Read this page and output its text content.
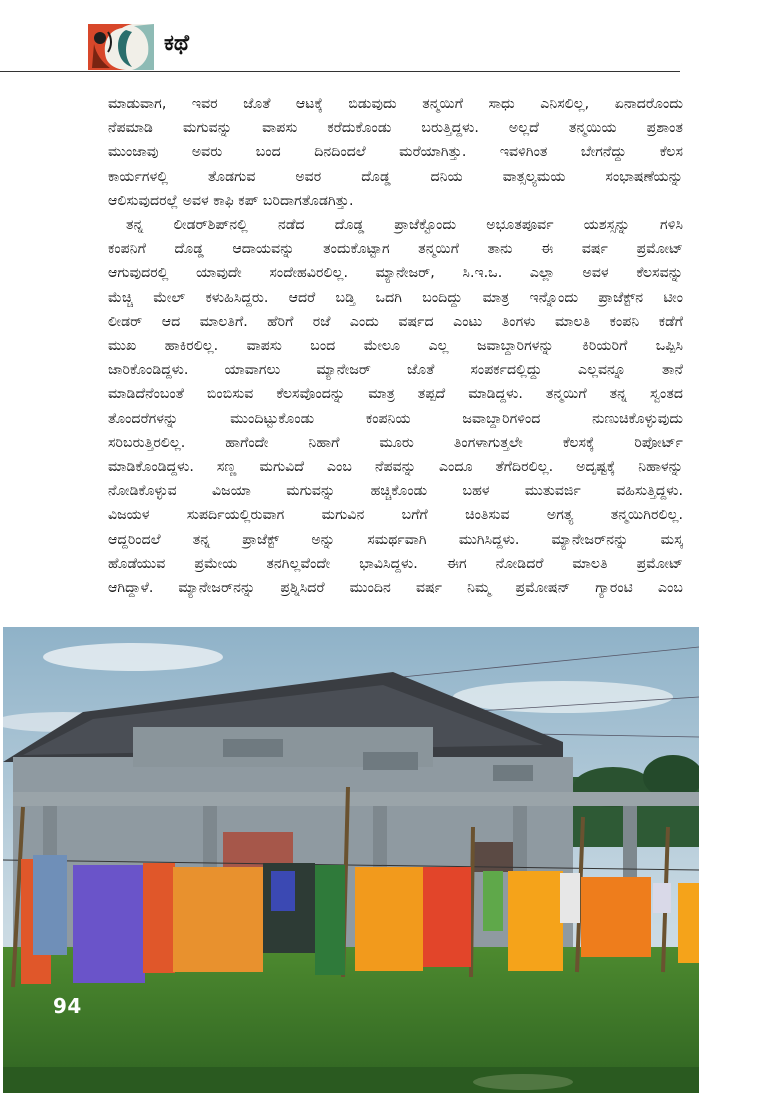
ಕಥೆ

ಮಾಡುವಾಗ, ಇವರ ಜೊತೆ ಆಟಕ್ಕೆ ಬಿಡುವುದು ತನ್ಮಯಿಗೆ ಸಾಧು ಎನಿಸಲಿಲ್ಲ, ಏನಾದರೊಂದು
ನೆಪಮಾಡಿ ಮಗುವನ್ನು ವಾಪಸು ಕರೆದುಕೊಂಡು ಬರುತ್ತಿದ್ದಳು. ಅಲ್ಲದೆ ತನ್ಮಯಿಯ ಪ್ರಶಾಂತ
ಮುಂಜಾವು ಅವರು ಬಂದ ದಿನದಿಂದಲೆ ಮರೆಯಾಗಿತ್ತು. ಇವಳಿಗಿಂತ ಬೇಗನೆದ್ದು ಕೆಲಸ
ಕಾರ್ಯಗಳಲ್ಲಿ ತೊಡಗುವ ಅವರ ದೊಡ್ಡ ದನಿಯ ವಾತ್ಸಲ್ಯಮಯ ಸಂಭಾಷಣೆಯನ್ನು
ಆಲಿಸುವುದರಲ್ಲೆ ಅವಳ ಕಾಫಿ ಕಪ್ ಬರಿದಾಗತೊಡಗಿತ್ತು.

ತನ್ನ ಲೀಡರ್‌ಶಿಪ್‌ನಲ್ಲಿ ನಡೆದ ದೊಡ್ಡ ಪ್ರಾಜೆಕ್ಟೊಂದು ಅಭೂತಪೂರ್ವ ಯಶಸ್ಸನ್ನು ಗಳಿಸಿ
ಕಂಪನಿಗೆ ದೊಡ್ಡ ಆದಾಯವನ್ನು ತಂದುಕೊಟ್ಟಾಗ ತನ್ಮಯಿಗೆ ತಾನು ಈ ವರ್ಷ ಪ್ರಮೋಟ್
ಆಗುವುದರಲ್ಲಿ ಯಾವುದೇ ಸಂದೇಹವಿರಲಿಲ್ಲ. ಮ್ಯಾನೇಜರ್, ಸಿ.ಇ.ಒ. ಎಲ್ಲಾ ಅವಳ ಕೆಲಸವನ್ನು
ಮೆಚ್ಚಿ ಮೇಲ್ ಕಳುಹಿಸಿದ್ದರು. ಆದರೆ ಬಡ್ತಿ ಒದಗಿ ಬಂದಿದ್ದು ಮಾತ್ರ ಇನ್ನೊಂದು ಪ್ರಾಜೆಕ್ಟ್‌ನ ಟೀಂ
ಲೀಡರ್ ಆದ ಮಾಲತಿಗೆ. ಹೆರಿಗೆ ರಜೆ ಎಂದು ವರ್ಷದ ಎಂಟು ತಿಂಗಳು ಮಾಲತಿ ಕಂಪನಿ ಕಡೆಗೆ
ಮುಖ ಹಾಕಿರಲಿಲ್ಲ. ವಾಪಸು ಬಂದ ಮೇಲೂ ಎಲ್ಲ ಜವಾಬ್ದಾರಿಗಳನ್ನು ಕಿರಿಯರಿಗೆ ಒಪ್ಪಿಸಿ
ಜಾರಿಕೊಂಡಿದ್ದಳು. ಯಾವಾಗಲು ಮ್ಯಾನೇಜರ್ ಜೊತೆ ಸಂಪರ್ಕದಲ್ಲಿದ್ದು ಎಲ್ಲವನ್ನೂ ತಾನೆ
ಮಾಡಿದೆನೆಂಬಂತೆ ಬಿಂಬಿಸುವ ಕೆಲಸವೊಂದನ್ನು ಮಾತ್ರ ತಪ್ಪದೆ ಮಾಡಿದ್ದಳು. ತನ್ಮಯಿಗೆ ತನ್ನ ಸ್ವಂತದ
ತೊಂದರೆಗಳನ್ನು ಮುಂದಿಟ್ಟುಕೊಂಡು ಕಂಪನಿಯ ಜವಾಬ್ದಾರಿಗಳಿಂದ ನುಣುಚಿಕೊಳ್ಳುವುದು
ಸರಿಬರುತ್ತಿರಲಿಲ್ಲ. ಹಾಗೆಂದೇ ನಿಹಾಗೆ ಮೂರು ತಿಂಗಳಾಗುತ್ತಲೇ ಕೆಲಸಕ್ಕೆ ರಿಪೋರ್ಟ್
ಮಾಡಿಕೊಂಡಿದ್ದಳು. ಸಣ್ಣ ಮಗುವಿದೆ ಎಂಬ ನೆಪವನ್ನು ಎಂದೂ ತೆಗೆದಿರಲಿಲ್ಲ. ಅದೃಷ್ಟಕ್ಕೆ ನಿಹಾಳನ್ನು
ನೋಡಿಕೊಳ್ಳುವ ವಿಜಯಾ ಮಗುವನ್ನು ಹಚ್ಚಿಕೊಂಡು ಬಹಳ ಮುತುವರ್ಜಿ ವಹಿಸುತ್ತಿದ್ದಳು.
ವಿಜಯಳ ಸುಪರ್ದಿಯಲ್ಲಿರುವಾಗ ಮಗುವಿನ ಬಗೆಗೆ ಚಿಂತಿಸುವ ಅಗತ್ಯ ತನ್ಮಯಿಗಿರಲಿಲ್ಲ.
ಆದ್ದರಿಂದಲೆ ತನ್ನ ಪ್ರಾಜೆಕ್ಟ್ ಅನ್ನು ಸಮರ್ಥವಾಗಿ ಮುಗಿಸಿದ್ದಳು. ಮ್ಯಾನೇಜರ್‌ನನ್ನು ಮಸ್ಕ
ಹೊಡೆಯುವ ಪ್ರಮೇಯ ತನಗಿಲ್ಲವೆಂದೇ ಭಾವಿಸಿದ್ದಳು. ಈಗ ನೋಡಿದರೆ ಮಾಲತಿ ಪ್ರಮೋಟ್
ಆಗಿದ್ದಾಳೆ. ಮ್ಯಾನೇಜರ್‌ನನ್ನು ಪ್ರಶ್ನಿಸಿದರೆ ಮುಂದಿನ ವರ್ಷ ನಿಮ್ಮ ಪ್ರಮೋಷನ್ ಗ್ಯಾರಂಟಿ ಎಂಬ

94
